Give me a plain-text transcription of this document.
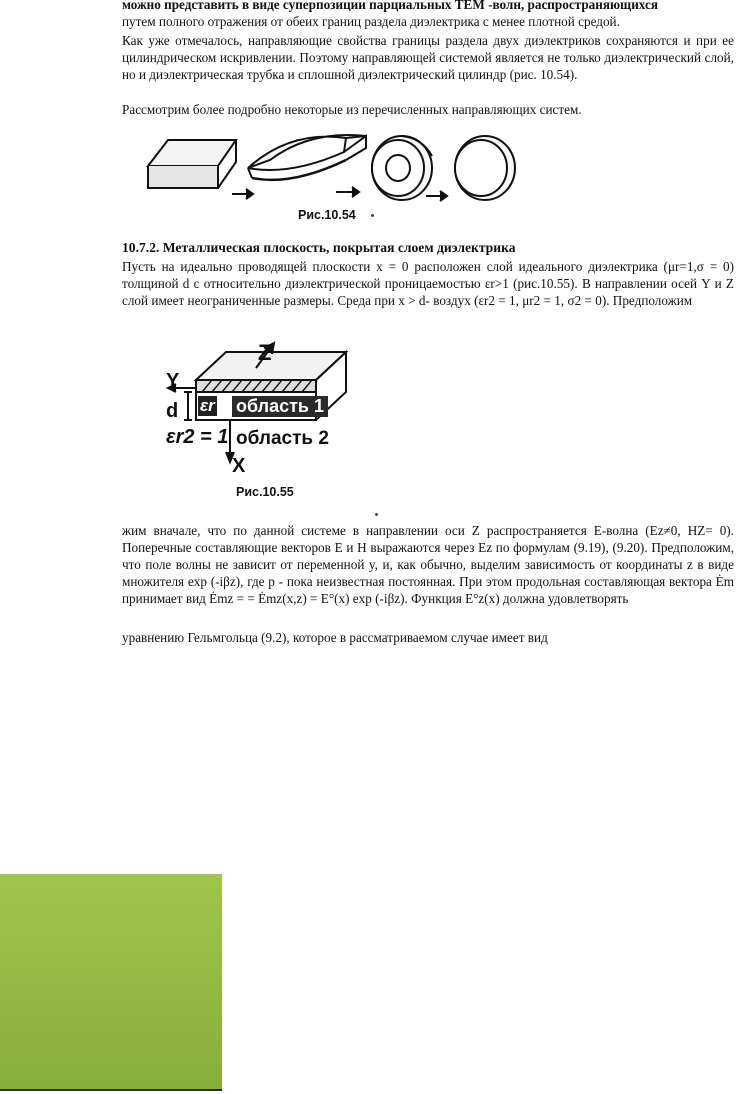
можно представить в виде суперпозиции парциальных ТЕМ -волн, распространяющихся

путем полного отражения от обеих границ раздела диэлектрика с менее плотной средой.

Как уже отмечалось, направляющие свойства границы раздела двух диэлектриков сохраняются и при ее цилиндрическом искривлении. Поэтому направляющей системой является не только диэлектрический слой, но и диэлектрическая трубка и сплошной диэлектрический цилиндр (рис. 10.54).

Рассмотрим более подробно некоторые из перечисленных направляющих систем.

Рис.10.54
10.7.2. Металлическая плоскость, покрытая слоем диэлектрика

Пусть на идеально проводящей плоскости x = 0 расположен слой идеального диэлектрика (μr=1,σ = 0) толщиной d с относительно диэлектрической проницаемостью εr>1 (рис.10.55). В направлении осей Y и Z слой имеет неограниченные размеры. Среда при x > d- воздух (εr2 = 1, μr2 = 1, σ2 = 0). Предположим

Z
Y
d εr область 1
εr2 = 1 область 2
X
Рис.10.55

жим вначале, что по данной системе в направлении оси Z распространяется Е-волна (Ez≠0, HZ= 0). Поперечные составляющие векторов E и H выражаются через Ez по формулам (9.19), (9.20). Предположим, что поле волны не зависит от переменной y, и, как обычно, выделим зависимость от координаты z в виде множителя exp (-iβz), где р - пока неизвестная постоянная. При этом продольная составляющая вектора Ėm принимает вид Ėmz = = Ėmz(x,z) = E°(x) exp (-iβz). Функция E°z(x) должна удовлетворять

уравнению Гельмгольца (9.2), которое в рассматриваемом случае имеет вид
